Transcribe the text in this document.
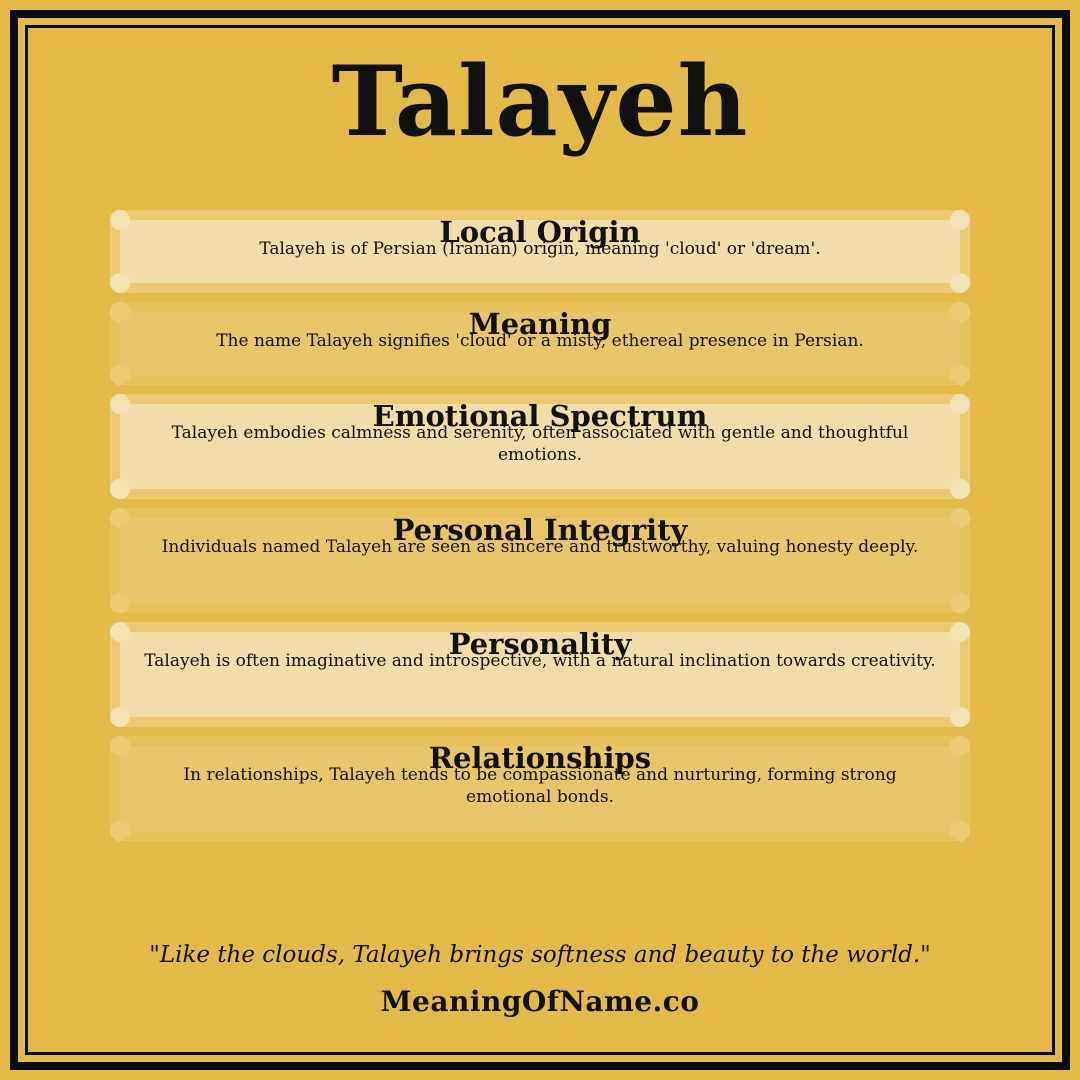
Talayeh
Local Origin

Talayeh is of Persian (Iranian) origin, meaning 'cloud' or 'dream'.

Meaning

The name Talayeh signifies 'cloud' or a misty, ethereal presence in Persian.

Emotional Spectrum

Talayeh embodies calmness and serenity, often associated with gentle and thoughtful emotions.

Personal Integrity

Individuals named Talayeh are seen as sincere and trustworthy, valuing honesty deeply.

Personality

Talayeh is often imaginative and introspective, with a natural inclination towards creativity.

Relationships

In relationships, Talayeh tends to be compassionate and nurturing, forming strong emotional bonds.

"Like the clouds, Talayeh brings softness and beauty to the world."
MeaningOfName.co
